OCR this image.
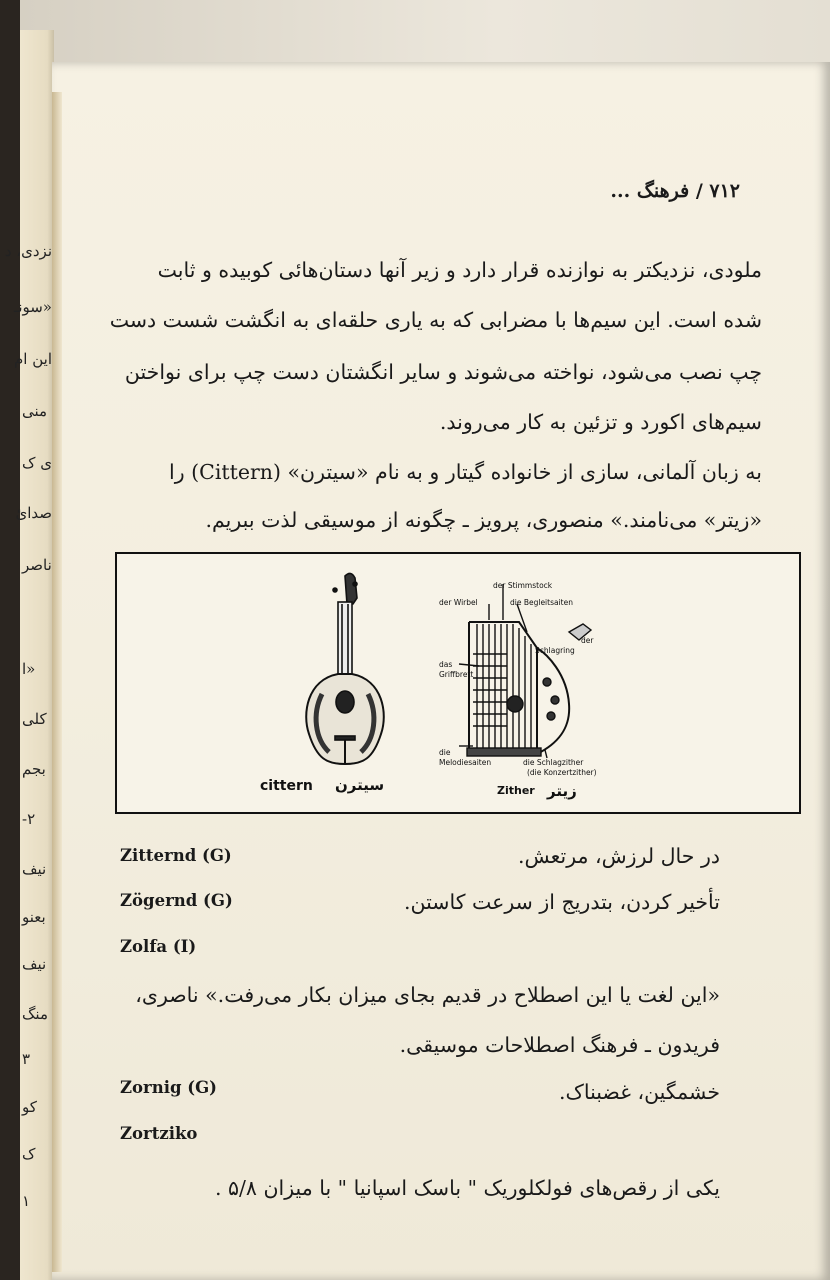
نزدی، د
«سونـ
این ام
منی
ی ک
صدائ
ناصر
«ا
کلی
بجم
۲-
نیف
بعنو
نیف
منگ
۳
کو
ک
۱
۷۱۲ / فرهنگ ...
ملودی، نزدیکتر به نوازنده قرار دارد و زیر آنها دستان‌هائی کوبیده و ثابت
شده است. این سیم‌ها با مضرابی که به یاری حلقه‌ای به انگشت شست دست
چپ نصب می‌شود، نواخته می‌شوند و سایر انگشتان دست چپ برای نواختن
سیم‌های اکورد و تزئین به کار می‌روند.
به زبان آلمانی، سازی از خانواده گیتار و به نام «سیترن» (Cittern) را
«زیتر» می‌نامند.» منصوری، پرویز ـ چگونه از موسیقی لذت ببریم.
der Stimmstock
der Wirbel	die Begleitsaiten
der
Schlagring
das
Griffbrett
die
Melodiesaiten	die Schlagzither
(die Konzertzither)
cittern سیترن	Zither زیتر
Zitternd (G)	در حال لرزش، مرتعش.
Zögernd (G)	تأخیر کردن، بتدریج از سرعت کاستن.
Zolfa (I)
«این لغت یا این اصطلاح در قدیم بجای میزان بکار می‌رفت.» ناصری،
فریدون ـ فرهنگ اصطلاحات موسیقی.
Zornig (G)	خشمگین، غضبناک.
Zortziko
یکی از رقص‌های فولکلوریک " باسک اسپانیا " با میزان ۵/۸ .
